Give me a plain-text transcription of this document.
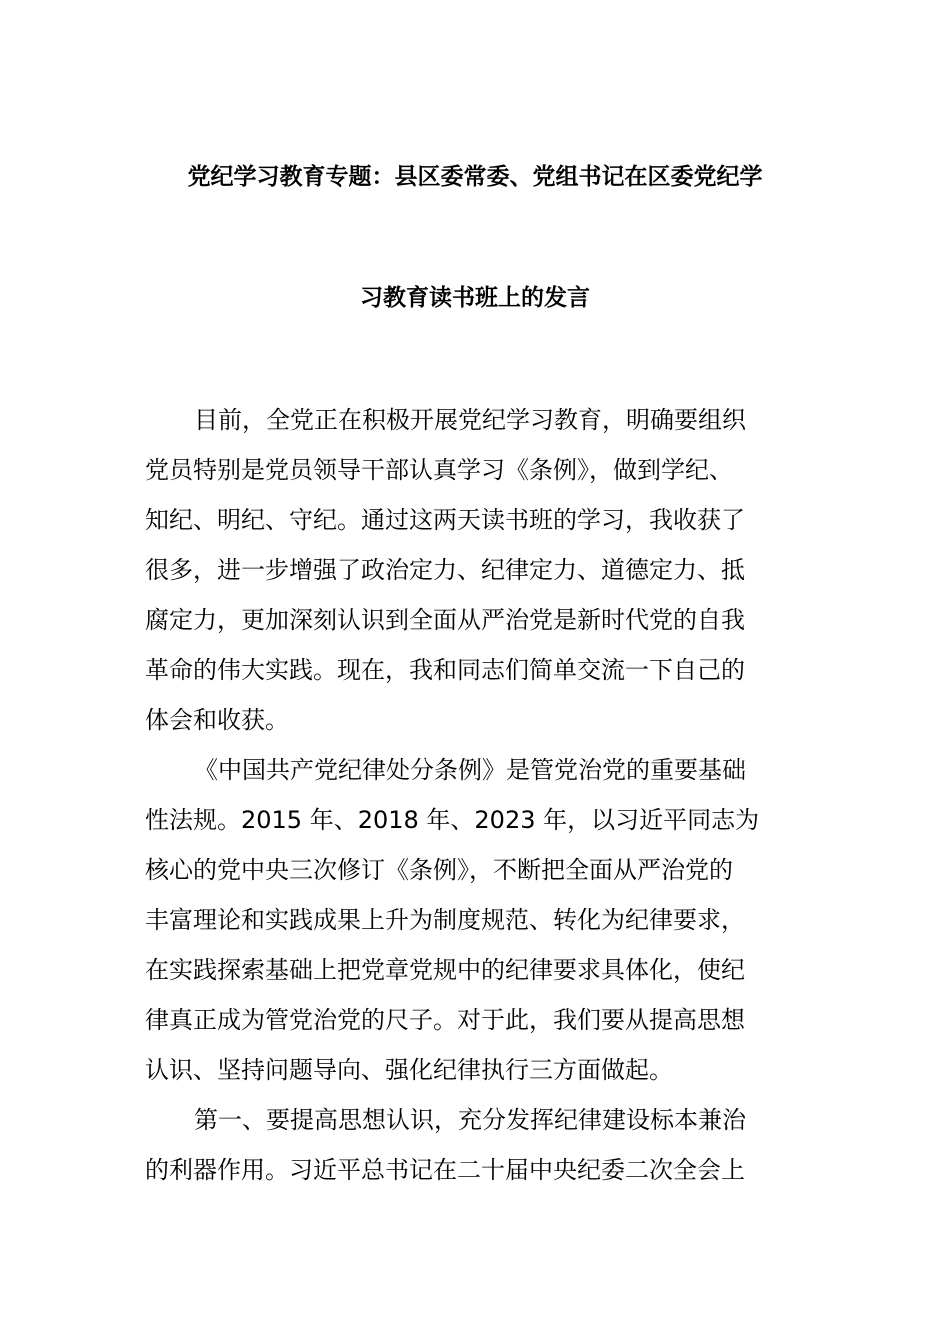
党纪学习教育专题：县区委常委、党组书记在区委党纪学
习教育读书班上的发言
目前，全党正在积极开展党纪学习教育，明确要组织
党员特别是党员领导干部认真学习《条例》，做到学纪、
知纪、明纪、守纪。通过这两天读书班的学习，我收获了
很多，进一步增强了政治定力、纪律定力、道德定力、抵
腐定力，更加深刻认识到全面从严治党是新时代党的自我
革命的伟大实践。现在，我和同志们简单交流一下自己的
体会和收获。
《中国共产党纪律处分条例》是管党治党的重要基础
性法规。2015 年、2018 年、2023 年，以习近平同志为
核心的党中央三次修订《条例》，不断把全面从严治党的
丰富理论和实践成果上升为制度规范、转化为纪律要求，
在实践探索基础上把党章党规中的纪律要求具体化，使纪
律真正成为管党治党的尺子。对于此，我们要从提高思想
认识、坚持问题导向、强化纪律执行三方面做起。
第一、要提高思想认识，充分发挥纪律建设标本兼治
的利器作用。习近平总书记在二十届中央纪委二次全会上
